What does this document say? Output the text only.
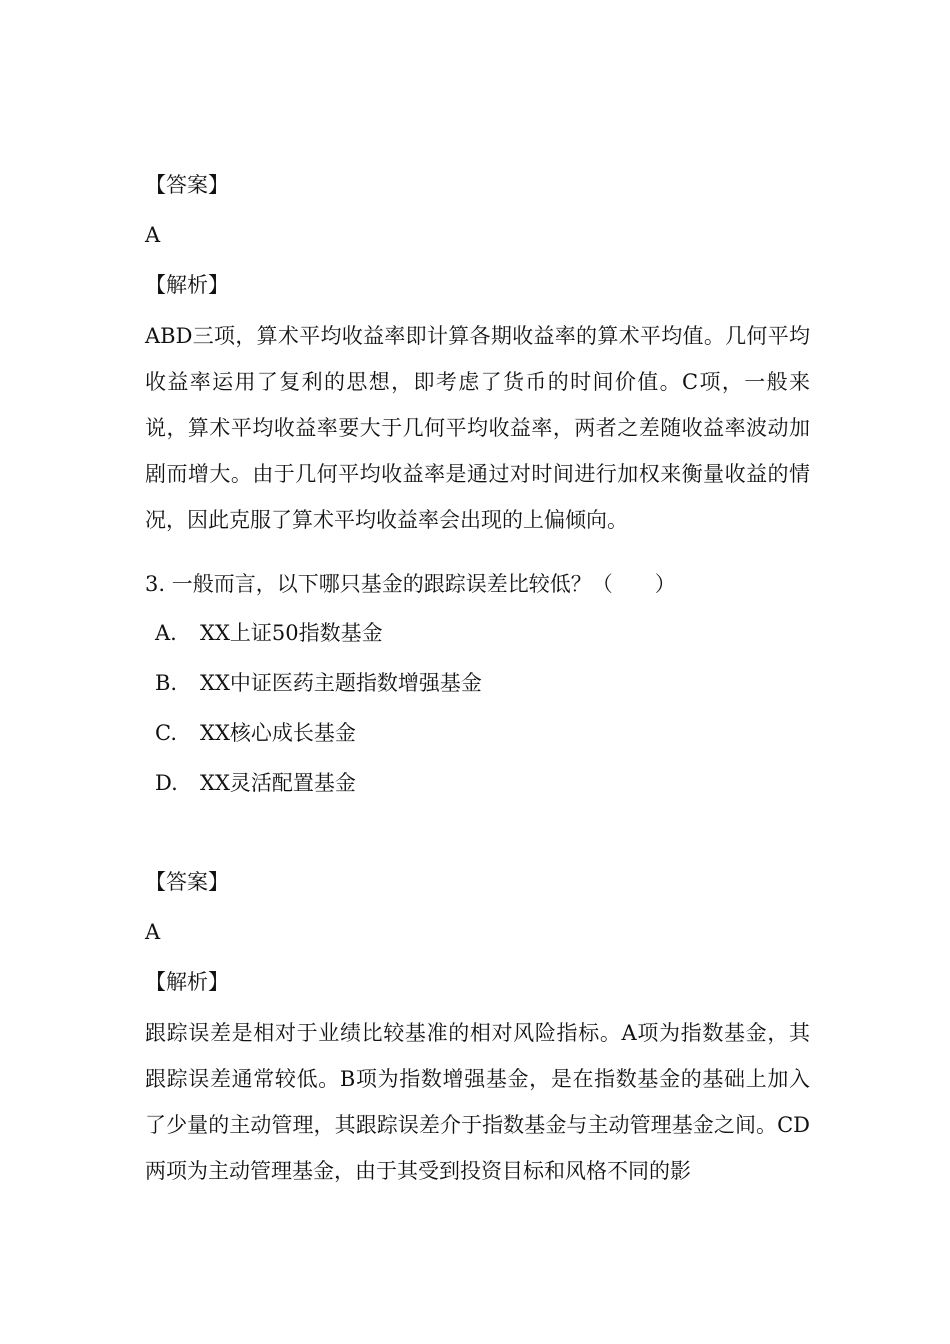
【答案】
A
【解析】
ABD三项，算术平均收益率即计算各期收益率的算术平均值。几何平均收益率运用了复利的思想，即考虑了货币的时间价值。C项，一般来说，算术平均收益率要大于几何平均收益率，两者之差随收益率波动加剧而增大。由于几何平均收益率是通过对时间进行加权来衡量收益的情况，因此克服了算术平均收益率会出现的上偏倾向。
3. 一般而言，以下哪只基金的跟踪误差比较低？（　　）
A. XX上证50指数基金
B. XX中证医药主题指数增强基金
C. XX核心成长基金
D. XX灵活配置基金
【答案】
A
【解析】
跟踪误差是相对于业绩比较基准的相对风险指标。A项为指数基金，其跟踪误差通常较低。B项为指数增强基金，是在指数基金的基础上加入了少量的主动管理，其跟踪误差介于指数基金与主动管理基金之间。CD两项为主动管理基金，由于其受到投资目标和风格不同的影
